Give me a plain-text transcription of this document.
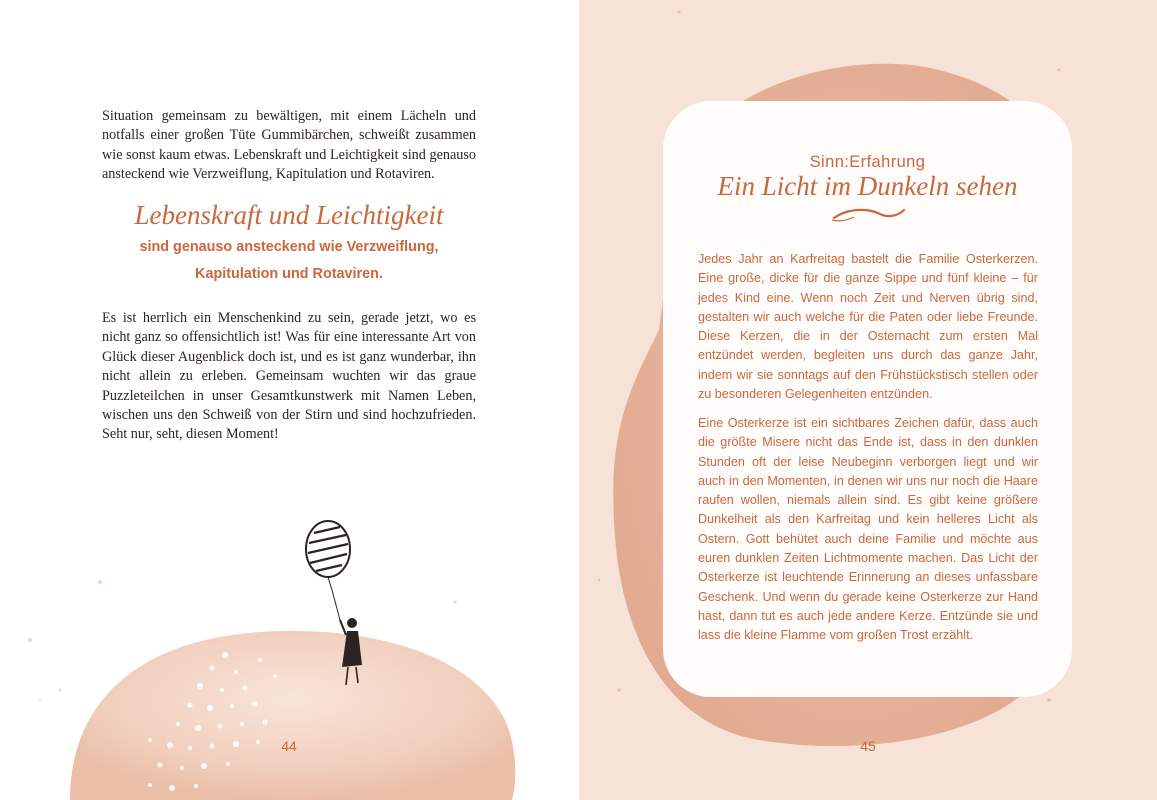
Situation gemeinsam zu bewältigen, mit einem Lächeln und notfalls einer großen Tüte Gummibärchen, schweißt zusammen wie sonst kaum etwas. Lebenskraft und Leichtigkeit sind genauso ansteckend wie Verzweiflung, Kapitulation und Rotaviren.
Lebenskraft und Leichtigkeit
sind genauso ansteckend wie Verzweiflung,
Kapitulation und Rotaviren.
Es ist herrlich ein Menschenkind zu sein, gerade jetzt, wo es nicht ganz so offensichtlich ist! Was für eine interessante Art von Glück dieser Augenblick doch ist, und es ist ganz wunderbar, ihn nicht allein zu erleben. Gemeinsam wuchten wir das graue Puzzleteilchen in unser Gesamtkunstwerk mit Namen Leben, wischen uns den Schweiß von der Stirn und sind hochzufrieden. Seht nur, seht, diesen Moment!
44
Sinn:Erfahrung
Ein Licht im Dunkeln sehen
Jedes Jahr an Karfreitag bastelt die Familie Osterkerzen. Eine große, dicke für die ganze Sippe und fünf kleine – für jedes Kind eine. Wenn noch Zeit und Nerven übrig sind, gestalten wir auch welche für die Paten oder liebe Freunde. Diese Kerzen, die in der Osternacht zum ersten Mal entzündet werden, begleiten uns durch das ganze Jahr, indem wir sie sonntags auf den Frühstückstisch stellen oder zu besonderen Gelegenheiten entzünden.
Eine Osterkerze ist ein sichtbares Zeichen dafür, dass auch die größte Misere nicht das Ende ist, dass in den dunklen Stunden oft der leise Neubeginn verborgen liegt und wir auch in den Momenten, in denen wir uns nur noch die Haare raufen wollen, niemals allein sind. Es gibt keine größere Dunkelheit als den Karfreitag und kein helleres Licht als Ostern. Gott behütet auch deine Familie und möchte aus euren dunklen Zeiten Lichtmomente machen. Das Licht der Osterkerze ist leuchtende Erinnerung an dieses unfassbare Geschenk. Und wenn du gerade keine Osterkerze zur Hand hast, dann tut es auch jede andere Kerze. Entzünde sie und lass die kleine Flamme vom großen Trost erzählt.
45
